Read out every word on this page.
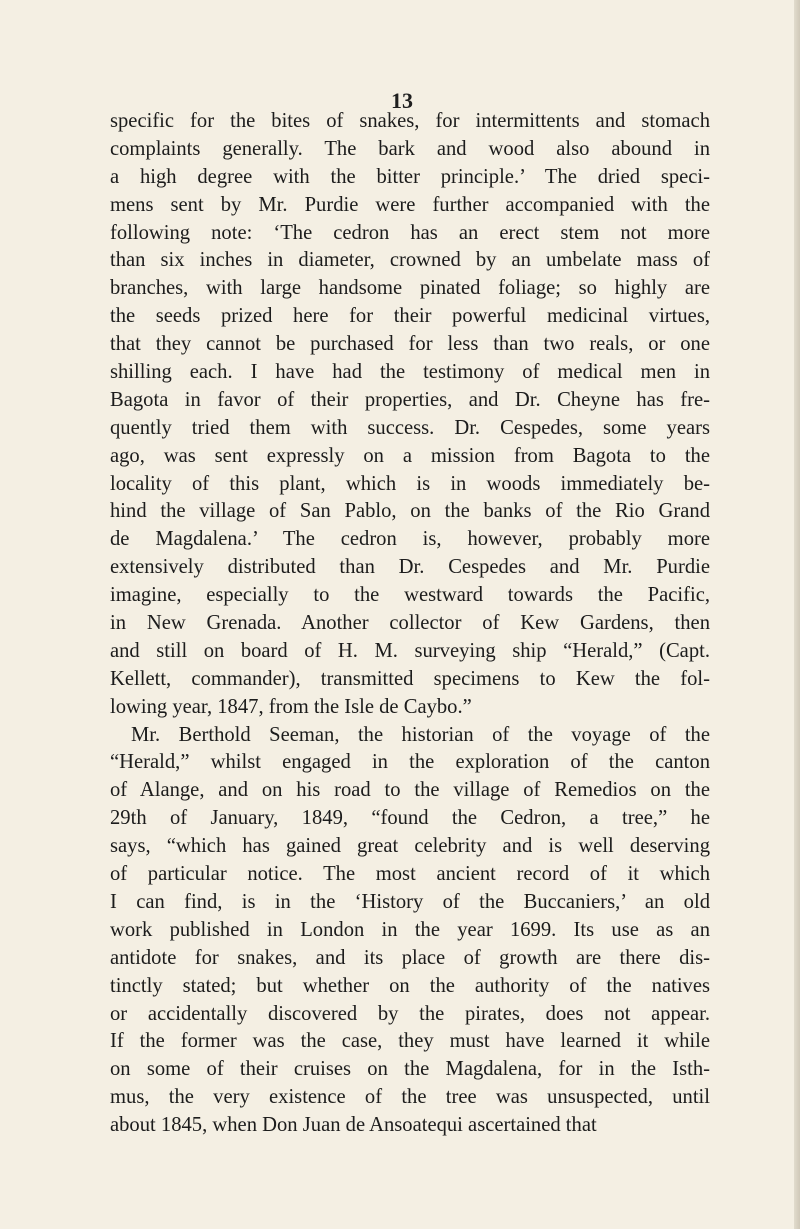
13
specific for the bites of snakes, for intermittents and stomach
complaints generally. The bark and wood also abound in
a high degree with the bitter principle.’ The dried speci-
mens sent by Mr. Purdie were further accompanied with the
following note: ‘The cedron has an erect stem not more
than six inches in diameter, crowned by an umbelate mass of
branches, with large handsome pinated foliage; so highly are
the seeds prized here for their powerful medicinal virtues,
that they cannot be purchased for less than two reals, or one
shilling each. I have had the testimony of medical men in
Bagota in favor of their properties, and Dr. Cheyne has fre-
quently tried them with success. Dr. Cespedes, some years
ago, was sent expressly on a mission from Bagota to the
locality of this plant, which is in woods immediately be-
hind the village of San Pablo, on the banks of the Rio Grand
de Magdalena.’ The cedron is, however, probably more
extensively distributed than Dr. Cespedes and Mr. Purdie
imagine, especially to the westward towards the Pacific,
in New Grenada. Another collector of Kew Gardens, then
and still on board of H. M. surveying ship “Herald,” (Capt.
Kellett, commander), transmitted specimens to Kew the fol-
lowing year, 1847, from the Isle de Caybo.”
Mr. Berthold Seeman, the historian of the voyage of the
“Herald,” whilst engaged in the exploration of the canton
of Alange, and on his road to the village of Remedios on the
29th of January, 1849, “found the Cedron, a tree,” he
says, “which has gained great celebrity and is well deserving
of particular notice. The most ancient record of it which
I can find, is in the ‘History of the Buccaniers,’ an old
work published in London in the year 1699. Its use as an
antidote for snakes, and its place of growth are there dis-
tinctly stated; but whether on the authority of the natives
or accidentally discovered by the pirates, does not appear.
If the former was the case, they must have learned it while
on some of their cruises on the Magdalena, for in the Isth-
mus, the very existence of the tree was unsuspected, until
about 1845, when Don Juan de Ansoatequi ascertained that
